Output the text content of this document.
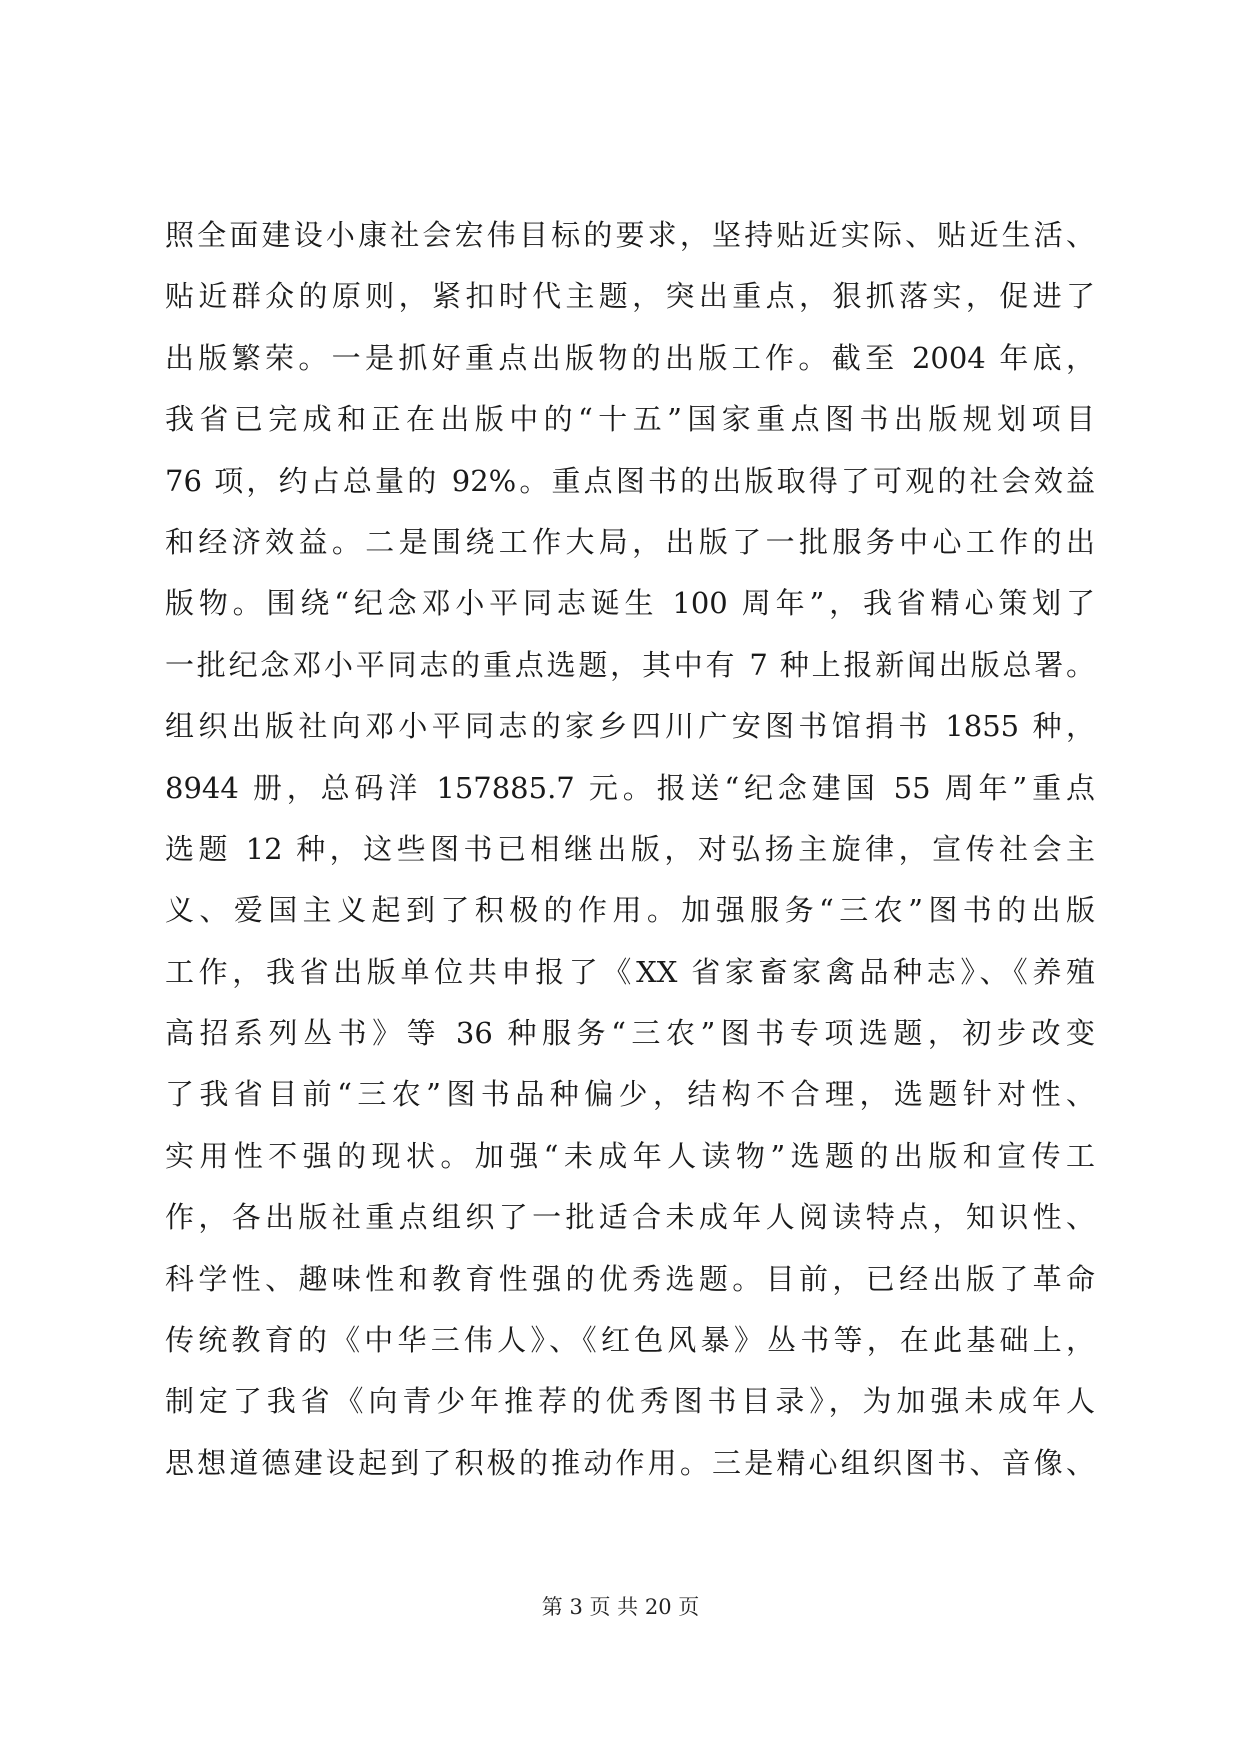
照全面建设小康社会宏伟目标的要求，坚持贴近实际、贴近生活、
贴近群众的原则，紧扣时代主题，突出重点，狠抓落实，促进了
出版繁荣。一是抓好重点出版物的出版工作。截至 2004 年底，
我省已完成和正在出版中的“十五”国家重点图书出版规划项目
76 项，约占总量的 92%。重点图书的出版取得了可观的社会效益
和经济效益。二是围绕工作大局，出版了一批服务中心工作的出
版物。围绕“纪念邓小平同志诞生 100 周年”，我省精心策划了
一批纪念邓小平同志的重点选题，其中有 7 种上报新闻出版总署。
组织出版社向邓小平同志的家乡四川广安图书馆捐书 1855 种，
8944 册，总码洋 157885.7 元。报送“纪念建国 55 周年”重点
选题 12 种，这些图书已相继出版，对弘扬主旋律，宣传社会主
义、爱国主义起到了积极的作用。加强服务“三农”图书的出版
工作，我省出版单位共申报了《XX 省家畜家禽品种志》、《养殖
高招系列丛书》等 36 种服务“三农”图书专项选题，初步改变
了我省目前“三农”图书品种偏少，结构不合理，选题针对性、
实用性不强的现状。加强“未成年人读物”选题的出版和宣传工
作，各出版社重点组织了一批适合未成年人阅读特点，知识性、
科学性、趣味性和教育性强的优秀选题。目前，已经出版了革命
传统教育的《中华三伟人》、《红色风暴》丛书等，在此基础上，
制定了我省《向青少年推荐的优秀图书目录》，为加强未成年人
思想道德建设起到了积极的推动作用。三是精心组织图书、音像、
第 3 页 共 20 页
